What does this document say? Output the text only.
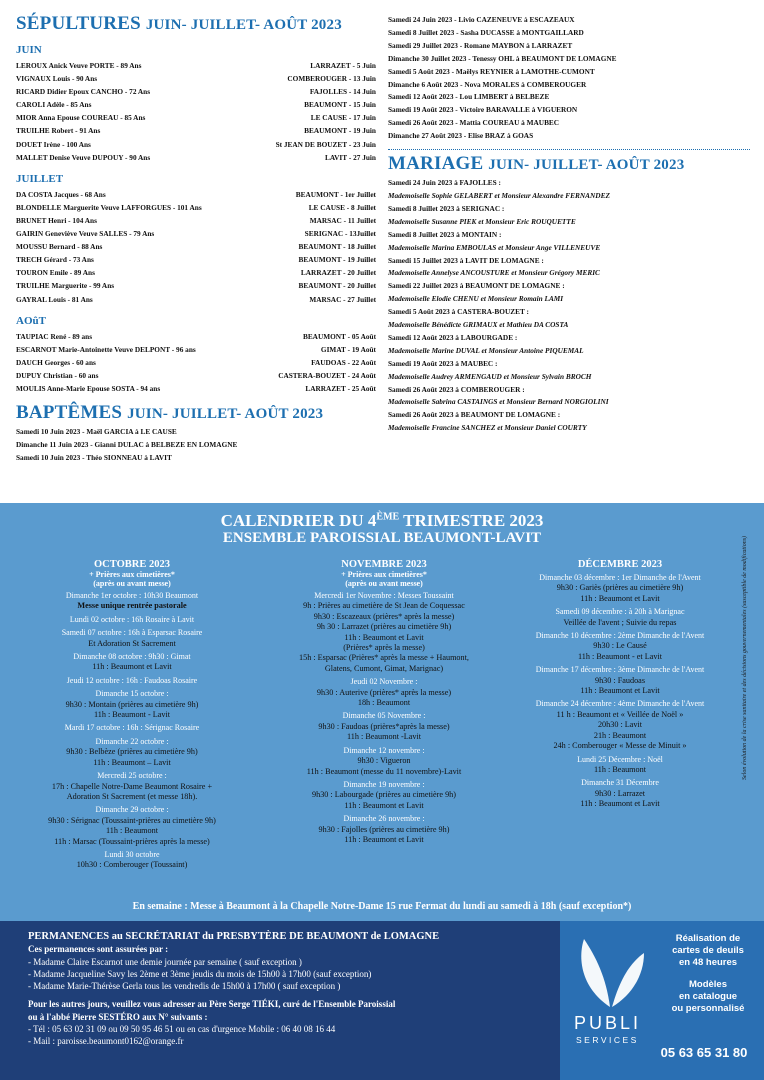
SÉPULTURES JUIN- JUILLET- AOÛT 2023
JUIN
LEROUX Anick Veuve PORTE - 89 Ans	LARRAZET - 5 Juin
VIGNAUX Louis - 90 Ans	COMBEROUGER - 13 Juin
RICARD Didier Epoux CANCHO - 72 Ans	FAJOLLES - 14 Juin
CAROLI Adèle - 85 Ans	BEAUMONT - 15 Juin
MIOR Anna Epouse COUREAU - 85 Ans	LE CAUSE - 17 Juin
TRUILHE Robert - 91 Ans	BEAUMONT - 19 Juin
DOUET Irène - 100 Ans	St JEAN DE BOUZET - 23 Juin
MALLET Denise Veuve DUPOUY - 90 Ans	LAVIT - 27 Juin
JUILLET
DA COSTA Jacques - 68 Ans	BEAUMONT - 1er Juillet
BLONDELLE Marguerite Veuve LAFFORGUES - 101 Ans	LE CAUSE - 8 Juillet
BRUNET Henri - 104 Ans	MARSAC - 11 Juillet
GAIRIN Geneviève Veuve SALLES - 79 Ans	SERIGNAC - 13Juillet
MOUSSU Bernard - 88 Ans	BEAUMONT - 18 Juillet
TRECH Gérard - 73 Ans	BEAUMONT - 19 Juillet
TOURON Emile - 89 Ans	LARRAZET - 20 Juillet
TRUILHE Marguerite - 99 Ans	BEAUMONT - 20 Juillet
GAYRAL Louis - 81 Ans	MARSAC - 27 Juillet
AOûT
TAUPIAC René - 89 ans	BEAUMONT - 05 Août
ESCARNOT Marie-Antoinette Veuve DELPONT - 96 ans	GIMAT - 19 Août
DAUCH Georges - 60 ans	FAUDOAS - 22 Août
DUPUY Christian - 60 ans	CASTERA-BOUZET - 24 Août
MOULIS Anne-Marie Epouse SOSTA - 94 ans	LARRAZET - 25 Août
BAPTÊMES JUIN- JUILLET- AOÛT 2023
Samedi 10 Juin 2023 - Maël GARCIA à LE CAUSE
Dimanche 11 Juin 2023 - Gianni DULAC à BELBEZE EN LOMAGNE
Samedi 10 Juin 2023 - Théo SIONNEAU à LAVIT
Samedi 24 Juin 2023 - Livio CAZENEUVE à ESCAZEAUX
Samedi 8 Juillet 2023 - Sasha DUCASSE à MONTGAILLARD
Samedi 29 Juillet 2023 - Romane MAYBON à LARRAZET
Dimanche 30 Juillet 2023 - Tenessy OHL à BEAUMONT DE LOMAGNE
Samedi 5 Août 2023 - Maëlys REYNIER à LAMOTHE-CUMONT
Dimanche 6 Août 2023 - Nova MORALES à COMBEROUGER
Samedi 12 Août 2023 - Lou LIMBERT à BELBEZE
Samedi 19 Août 2023 - Victoire BARAVALLE à VIGUERON
Samedi 26 Août 2023 - Mattia COUREAU à MAUBEC
Dimanche 27 Août 2023 - Elise BRAZ à GOAS
MARIAGE JUIN- JUILLET- AOÛT 2023
Samedi 24 Juin 2023 à FAJOLLES :
Mademoiselle Sophie GELABERT et Monsieur Alexandre FERNANDEZ
Samedi 8 Juillet 2023 à SERIGNAC :
Mademoiselle Susanne PIEK et Monsieur Eric ROUQUETTE
Samedi 8 Juillet 2023 à MONTAIN :
Mademoiselle Marina EMBOULAS et Monsieur Ange VILLENEUVE
Samedi 15 Juillet 2023 à LAVIT DE LOMAGNE :
Mademoiselle Annelyse ANCOUSTURE et Monsieur Grégory MERIC
Samedi 22 Juillet 2023 à BEAUMONT DE LOMAGNE :
Mademoiselle Elodie CHENU et Monsieur Romain LAMI
Samedi 5 Août 2023 à CASTERA-BOUZET :
Mademoiselle Bénédicte GRIMAUX et Mathieu DA COSTA
Samedi 12 Août 2023 à LABOURGADE :
Mademoiselle Marine DUVAL et Monsieur Antoine PIQUEMAL
Samedi 19 Août 2023 à MAUBEC :
Mademoiselle Audrey ARMENGAUD et Monsieur Sylvain BROCH
Samedi 26 Août 2023 à COMBEROUGER :
Mademoiselle Sabrina CASTAINGS et Monsieur Bernard NORGIOLINI
Samedi 26 Août 2023 à BEAUMONT DE LOMAGNE :
Mademoiselle Francine SANCHEZ et Monsieur Daniel COURTY
CALENDRIER DU 4ÈME TRIMESTRE 2023
ENSEMBLE PAROISSIAL BEAUMONT-LAVIT
OCTOBRE 2023
+ Prières aux cimetières*
(après ou avant messe)
Dimanche 1er octobre : 10h30 Beaumont
Messe unique rentrée pastorale
Lundi 02 octobre : 16h Rosaire à Lavit
Samedi 07 octobre : 16h à Esparsac Rosaire
Et Adoration St Sacrement
Dimanche 08 octobre : 9h30 : Gimat
11h : Beaumont et Lavit
Jeudi 12 octobre : 16h : Faudoas Rosaire
Dimanche 15 octobre :
9h30 : Montain (prières au cimetière 9h)
11h : Beaumont - Lavit
Mardi 17 octobre : 16h : Sérignac Rosaire
Dimanche 22 octobre :
9h30 : Belbèze (prières au cimetière 9h)
11h : Beaumont – Lavit
Mercredi 25 octobre :
17h : Chapelle Notre-Dame Beaumont Rosaire +
Adoration St Sacrement (et messe 18h).
Dimanche 29 octobre :
9h30 : Sérignac (Toussaint-prières au cimetière 9h)
11h : Beaumont
11h : Marsac (Toussaint-prières après la messe)
Lundi 30 octobre
10h30 : Comberouger (Toussaint)
NOVEMBRE 2023
+ Prières aux cimetières*
(après ou avant messe)
Mercredi 1er Novembre : Messes Toussaint
9h : Prières au cimetière de St Jean de Coquessac
9h30 : Escazeaux (prières* après la messe)
9h 30 : Larrazet (prières au cimetière 9h)
11h : Beaumont et Lavit
(Prières* après la messe)
15h : Esparsac (Prières* après la messe + Haumont,
Glatens, Cumont, Gimat, Marignac)
Jeudi 02 Novembre :
9h30 : Auterive (prières* après la messe)
18h : Beaumont
Dimanche 05 Novembre :
9h30 : Faudoas (prières*après la messe)
11h : Beaumont -Lavit
Dimanche 12 novembre :
9h30 : Vigueron
11h : Beaumont (messe du 11 novembre)-Lavit
Dimanche 19 novembre :
9h30 : Labourgade (prières au cimetière 9h)
11h : Beaumont et Lavit
Dimanche 26 novembre :
9h30 : Fajolles (prières au cimetière 9h)
11h : Beaumont et Lavit
DÉCEMBRE 2023
Dimanche 03 décembre : 1er Dimanche de l'Avent
9h30 : Gariès (prières au cimetière 9h)
11h : Beaumont et Lavit
Samedi 09 décembre : à 20h à Marignac
Veillée de l'avent ; Suivie du repas
Dimanche 10 décembre : 2ème Dimanche de l'Avent
9h30 : Le Causé
11h : Beaumont - et Lavit
Dimanche 17 décembre : 3ème Dimanche de l'Avent
9h30 : Faudoas
11h : Beaumont et Lavit
Dimanche 24 décembre : 4ème Dimanche de l'Avent
11 h : Beaumont et « Veillée de Noël »
20h30 : Lavit
21h : Beaumont
24h : Comberouger « Messe de Minuit »
Lundi 25 Décembre : Noël
11h : Beaumont
Dimanche 31 Décembre
9h30 : Larrazet
11h : Beaumont et Lavit
En semaine : Messe à Beaumont à la Chapelle Notre-Dame 15 rue Fermat du lundi au samedi à 18h (sauf exception*)
Selon évolution de la crise sanitaire et des décisions gouvernementales (susceptible de modifications)
PERMANENCES au SECRÉTARIAT du PRESBYTÈRE DE BEAUMONT de LOMAGNE
Ces permanences sont assurées par :
- Madame Claire Escarnot une demie journée par semaine ( sauf exception )
- Madame Jacqueline Savy les 2ème et 3ème jeudis du mois de 15h00 à 17h00 (sauf exception)
- Madame Marie-Thérèse Gerla tous les vendredis de 15h00 à 17h00 ( sauf exception )
Pour les autres jours, veuillez vous adresser au Père Serge TIÉKI, curé de l'Ensemble Paroissial
ou à l'abbé Pierre SESTÉRO aux N° suivants :
- Tél : 05 63 02 31 09 ou 09 50 95 46 51 ou en cas d'urgence Mobile : 06 40 08 16 44
- Mail : paroisse.beaumont0162@orange.fr
PUBLI
SERVICES
Réalisation de
cartes de deuils
en 48 heures
Modèles
en catalogue
ou personnalisé
05 63 65 31 80
